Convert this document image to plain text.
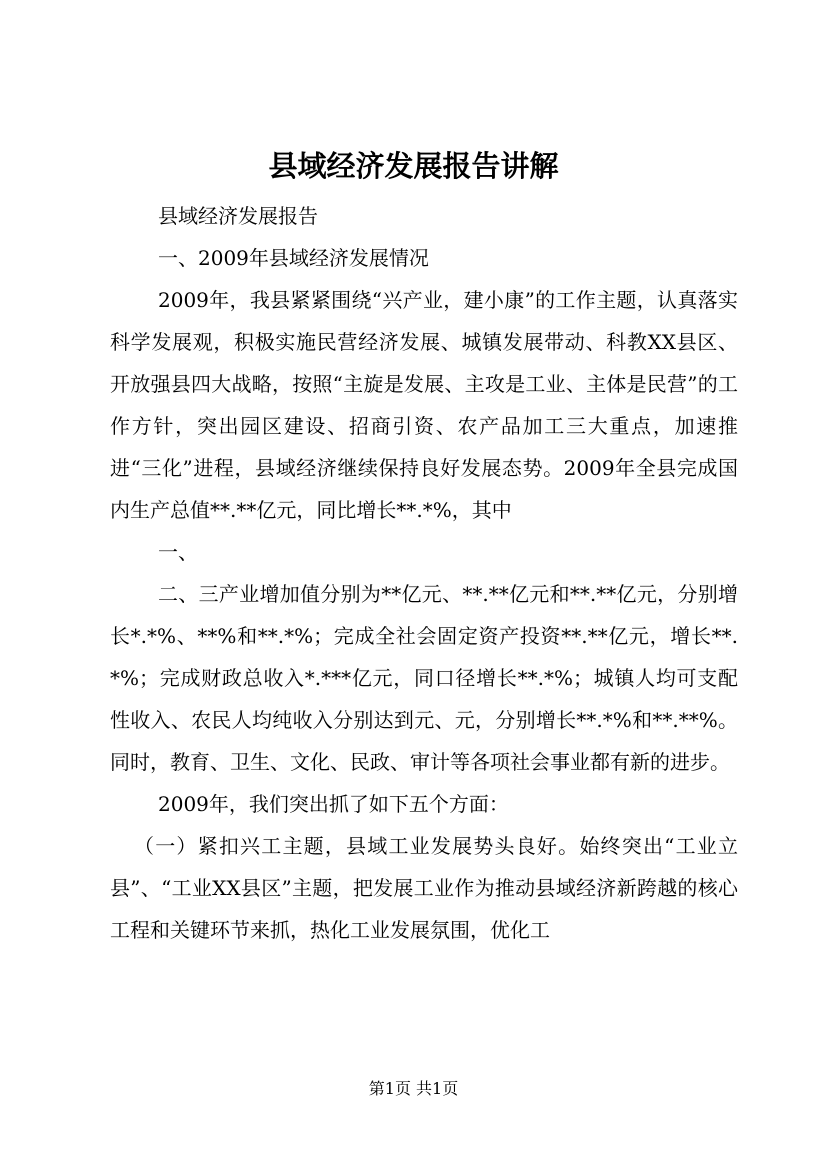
县域经济发展报告讲解

县域经济发展报告

一、2009年县域经济发展情况

2009年，我县紧紧围绕“兴产业，建小康”的工作主题，认真落实科学发展观，积极实施民营经济发展、城镇发展带动、科教XX县区、开放强县四大战略，按照“主旋是发展、主攻是工业、主体是民营”的工作方针，突出园区建设、招商引资、农产品加工三大重点，加速推进“三化”进程，县域经济继续保持良好发展态势。2009年全县完成国内生产总值**.**亿元，同比增长**.*%，其中

一、

二、三产业增加值分别为**亿元、**.**亿元和**.**亿元，分别增长*.*%、**%和**.*%；完成全社会固定资产投资**.**亿元，增长**.*%；完成财政总收入*.***亿元，同口径增长**.*%；城镇人均可支配性收入、农民人均纯收入分别达到元、元，分别增长**.*%和**.**%。同时，教育、卫生、文化、民政、审计等各项社会事业都有新的进步。

2009年，我们突出抓了如下五个方面：

（一）紧扣兴工主题，县域工业发展势头良好。始终突出“工业立县”、“工业XX县区”主题，把发展工业作为推动县域经济新跨越的核心工程和关键环节来抓，热化工业发展氛围，优化工

第1页 共1页
